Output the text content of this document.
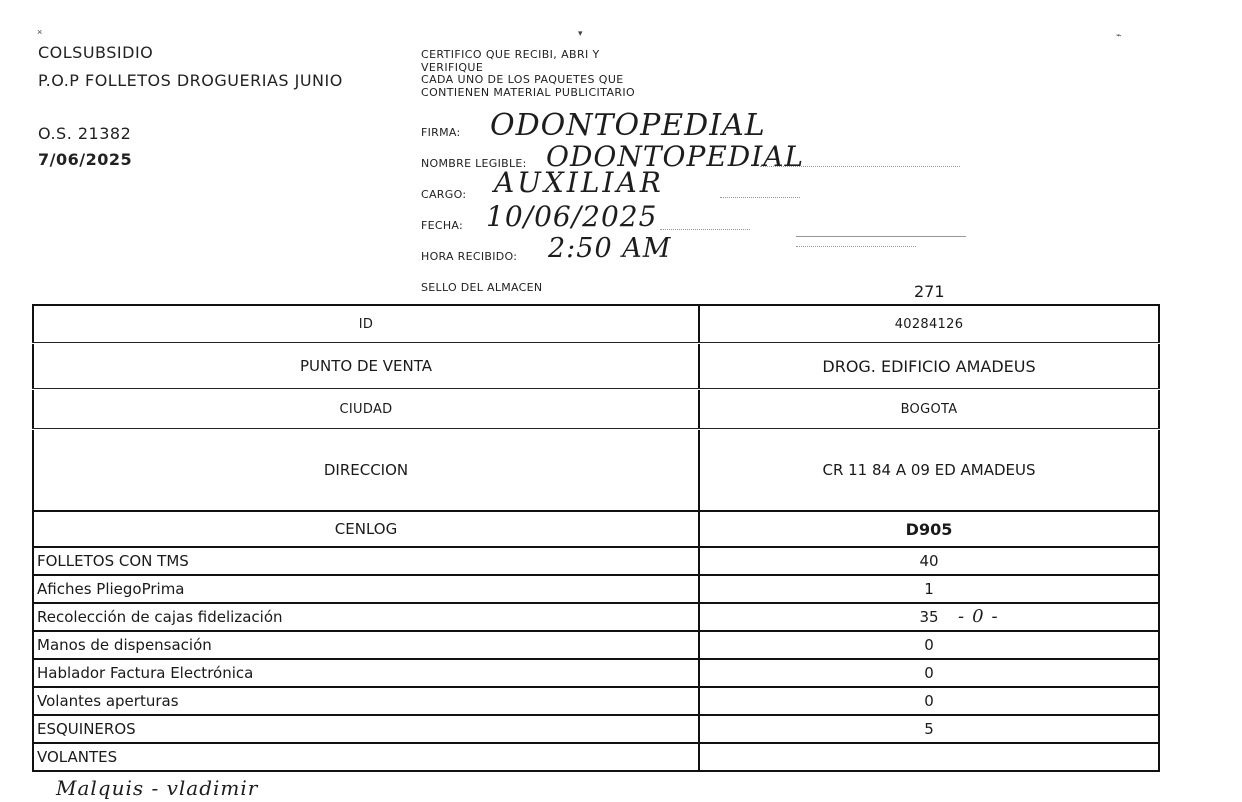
×	▾	⌁
COLSUBSIDIO
P.O.P FOLLETOS DROGUERIAS JUNIO
O.S. 21382
7/06/2025
CERTIFICO QUE RECIBI, ABRI Y
VERIFIQUE
CADA UNO DE LOS PAQUETES QUE
CONTIENEN MATERIAL PUBLICITARIO
FIRMA:
NOMBRE LEGIBLE:
CARGO:
FECHA:
HORA RECIBIDO:
SELLO DEL ALMACEN
ODONTOPEDIAL
ODONTOPEDIAL
AUXILIAR
10/06/2025
2:50 AM
271
ID	40284126
PUNTO DE VENTA	DROG. EDIFICIO AMADEUS
CIUDAD	BOGOTA
DIRECCION	CR 11 84 A 09 ED AMADEUS
CENLOG	D905
FOLLETOS CON TMS	40
Afiches PliegoPrima	1
Recolección de cajas fidelización	35 -0-
Manos de dispensación	0
Hablador Factura Electrónica	0
Volantes aperturas	0
ESQUINEROS	5
VOLANTES
Malquis - vladimir
